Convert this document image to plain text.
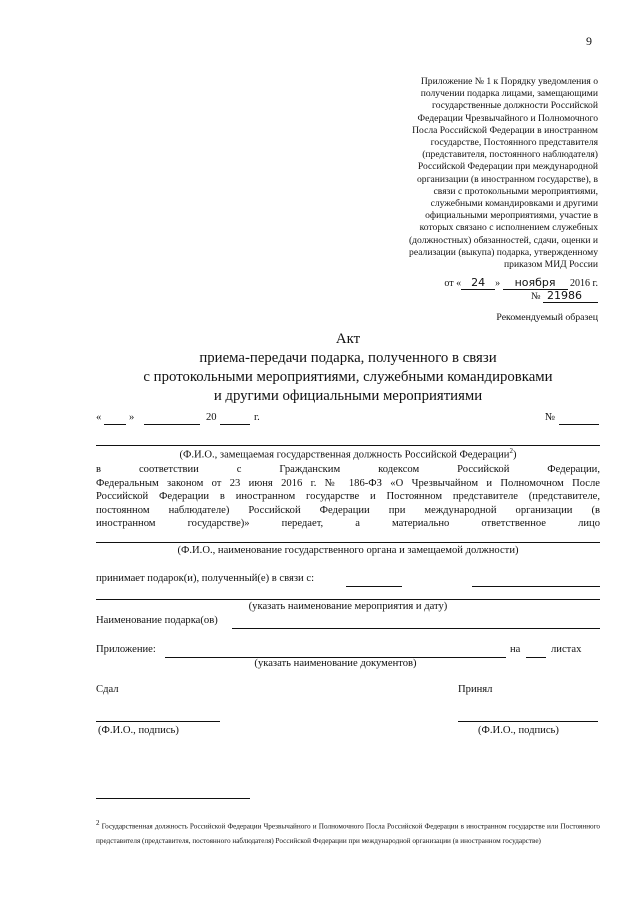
9
Приложение № 1 к Порядку уведомления о
получении подарка лицами, замещающими
государственные должности Российской
Федерации Чрезвычайного и Полномочного
Посла Российской Федерации в иностранном
государстве, Постоянного представителя
(представителя, постоянного наблюдателя)
Российской Федерации при международной
организации (в иностранном государстве), в
связи с протокольными мероприятиями,
служебными командировками и другими
официальными мероприятиями, участие в
которых связано с исполнением служебных
(должностных) обязанностей, сдачи, оценки и
реализации (выкупа) подарка, утвержденному
приказом МИД России
от « 24 » ноября 2016 г.
№ 21986
Рекомендуемый образец
Акт
приема-передачи подарка, полученного в связи
с протокольными мероприятиями, служебными командировками
и другими официальными мероприятиями
«	»	20	г.	№
(Ф.И.О., замещаемая государственная должность Российской Федерации$^2$)
в соответствии с Гражданским кодексом Российской Федерации,
Федеральным законом от 23 июня 2016 г. № 186-ФЗ «О Чрезвычайном и Полномочном После
Российской Федерации в иностранном государстве и Постоянном представителе (представителе,
постоянном наблюдателе) Российской Федерации при международной организации (в
иностранном государстве)» передает, а материально ответственное лицо
(Ф.И.О., наименование государственного органа и замещаемой должности)
принимает подарок(и), полученный(е) в связи с:
(указать наименование мероприятия и дату)
Наименование подарка(ов)
Приложение:	на	листах
(указать наименование документов)
Сдал	Принял
(Ф.И.О., подпись)	(Ф.И.О., подпись)
$^2$ Государственная должность Российской Федерации Чрезвычайного и Полномочного Посла Российской Федерации в иностранном государстве или Постоянного представителя (представителя, постоянного наблюдателя) Российской Федерации при международной организации (в иностранном государстве)
